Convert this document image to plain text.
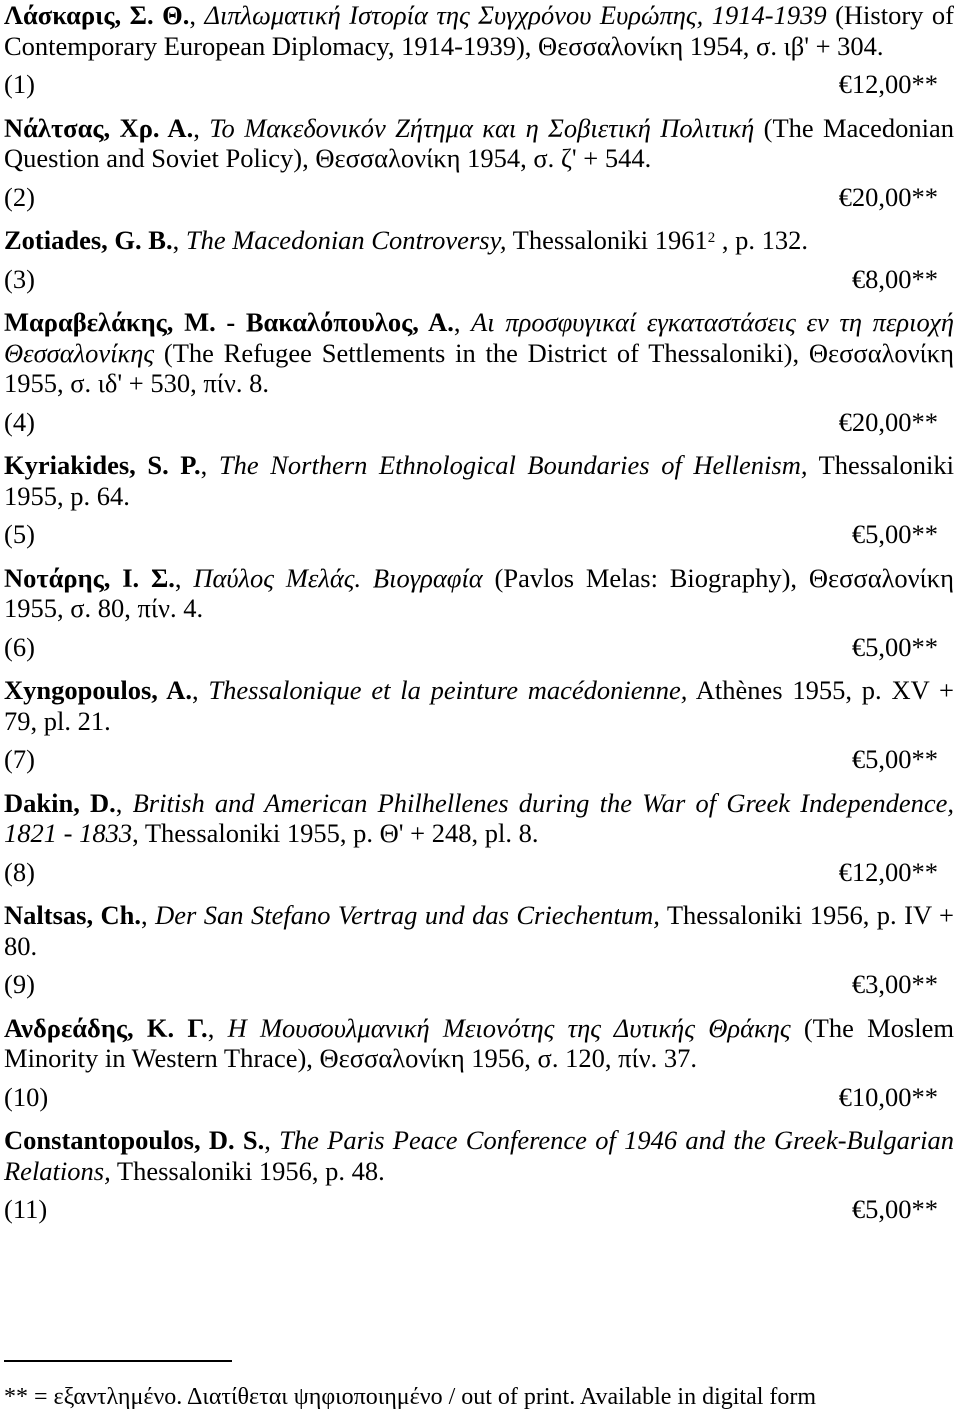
Λάσκαρις, Σ. Θ., Διπλωματική Ιστορία της Συγχρόνου Ευρώπης, 1914-1939 (History of Contemporary European Diplomacy, 1914-1939), Θεσσαλονίκη 1954, σ. ιβ' + 304.

(1)	€12,00**

Νάλτσας, Χρ. Α., Το Μακεδονικόν Ζήτημα και η Σοβιετική Πολιτική (The Macedonian Question and Soviet Policy), Θεσσαλονίκη 1954, σ. ζ' + 544.

(2)	€20,00**

Zotiades, G. B., The Macedonian Controversy, Thessaloniki 1961$^2$ , p. 132.

(3)	€8,00**

Μαραβελάκης, Μ. - Βακαλόπουλος, Α., Αι προσφυγικαί εγκαταστάσεις εν τη περιοχή Θεσσαλονίκης (The Refugee Settlements in the District of Thessaloniki), Θεσσαλονίκη 1955, σ. ιδ' + 530, πίν. 8.

(4)	€20,00**

Kyriakides, S. P., The Northern Ethnological Boundaries of Hellenism, Thessaloniki 1955, p. 64.

(5)	€5,00**

Νοτάρης, Ι. Σ., Παύλος Μελάς. Βιογραφία (Pavlos Melas: Biography), Θεσσαλονίκη 1955, σ. 80, πίν. 4.

(6)	€5,00**

Xyngopoulos, A., Thessalonique et la peinture macédonienne, Athènes 1955, p. XV + 79, pl. 21.

(7)	€5,00**

Dakin, D., British and American Philhellenes during the War of Greek Independence, 1821 - 1833, Thessaloniki 1955, p. Θ' + 248, pl. 8.

(8)	€12,00**

Naltsas, Ch., Der San Stefano Vertrag und das Criechentum, Thessaloniki 1956, p. IV + 80.

(9)	€3,00**

Ανδρεάδης, Κ. Γ., Η Μουσουλμανική Μειονότης της Δυτικής Θράκης (The Moslem Minority in Western Thrace), Θεσσαλονίκη 1956, σ. 120, πίν. 37.

(10)	€10,00**

Constantopoulos, D. S., The Paris Peace Conference of 1946 and the Greek-Bulgarian Relations, Thessaloniki 1956, p. 48.

(11)	€5,00**
** = εξαντλημένο. Διατίθεται ψηφιοποιημένο / out of print. Available in digital form
